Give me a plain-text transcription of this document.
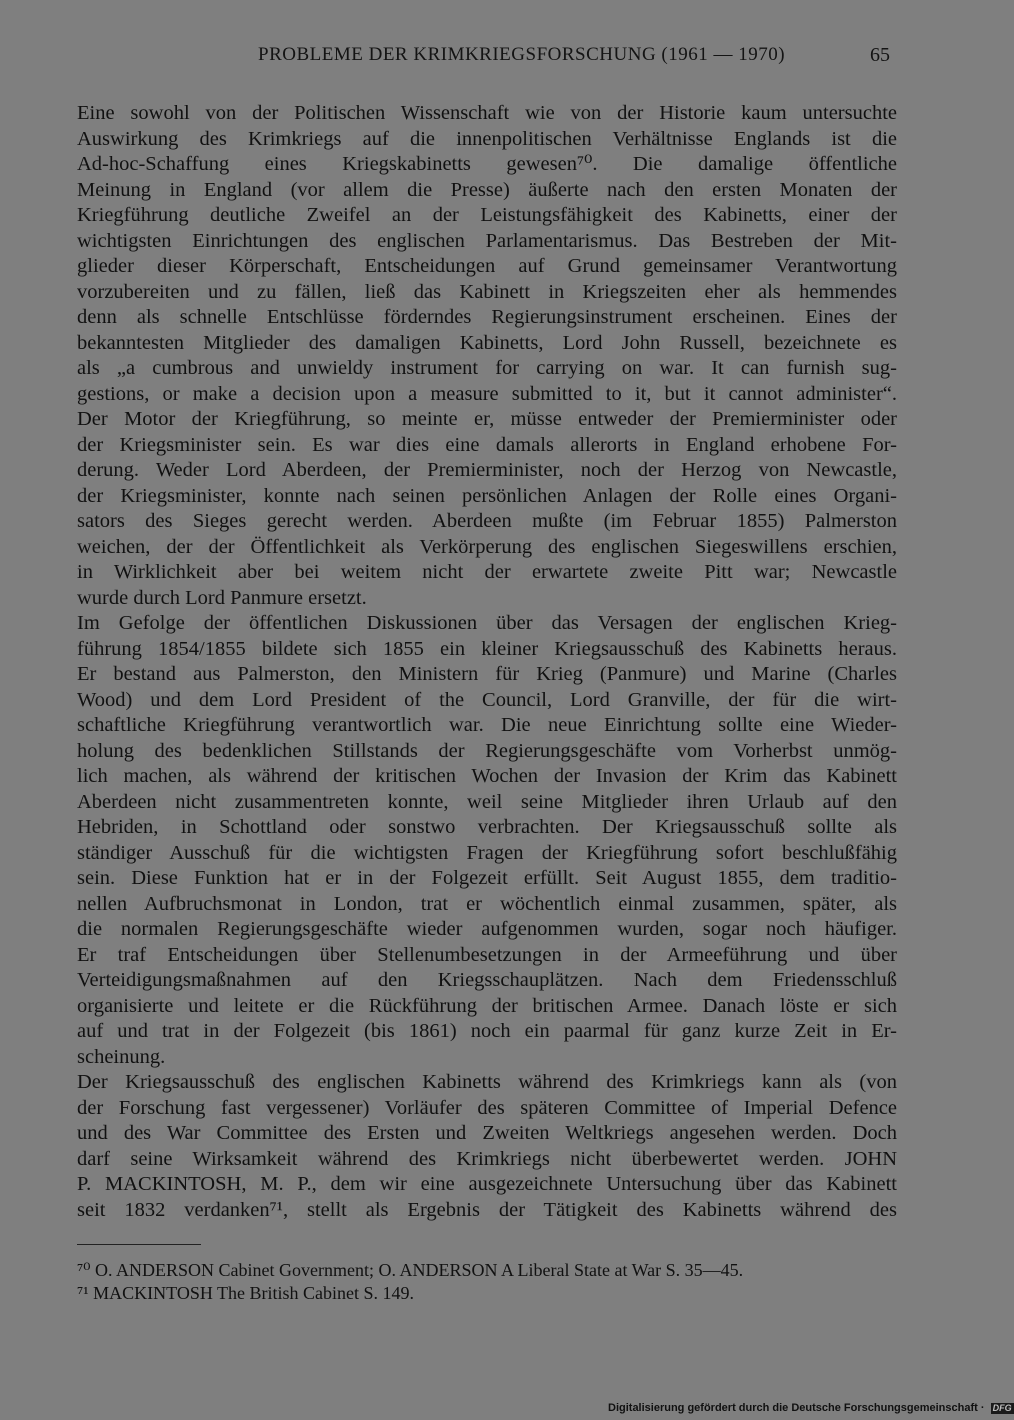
PROBLEME DER KRIMKRIEGSFORSCHUNG (1961 — 1970)	65
Eine sowohl von der Politischen Wissenschaft wie von der Historie kaum untersuchte
Auswirkung des Krimkriegs auf die innenpolitischen Verhältnisse Englands ist die
Ad-hoc-Schaffung eines Kriegskabinetts gewesen⁷⁰. Die damalige öffentliche
Meinung in England (vor allem die Presse) äußerte nach den ersten Monaten der
Kriegführung deutliche Zweifel an der Leistungsfähigkeit des Kabinetts, einer der
wichtigsten Einrichtungen des englischen Parlamentarismus. Das Bestreben der Mit-
glieder dieser Körperschaft, Entscheidungen auf Grund gemeinsamer Verantwortung
vorzubereiten und zu fällen, ließ das Kabinett in Kriegszeiten eher als hemmendes
denn als schnelle Entschlüsse förderndes Regierungsinstrument erscheinen. Eines der
bekanntesten Mitglieder des damaligen Kabinetts, Lord John Russell, bezeichnete es
als „a cumbrous and unwieldy instrument for carrying on war. It can furnish sug-
gestions, or make a decision upon a measure submitted to it, but it cannot administer“.
Der Motor der Kriegführung, so meinte er, müsse entweder der Premierminister oder
der Kriegsminister sein. Es war dies eine damals allerorts in England erhobene For-
derung. Weder Lord Aberdeen, der Premierminister, noch der Herzog von Newcastle,
der Kriegsminister, konnte nach seinen persönlichen Anlagen der Rolle eines Organi-
sators des Sieges gerecht werden. Aberdeen mußte (im Februar 1855) Palmerston
weichen, der der Öffentlichkeit als Verkörperung des englischen Siegeswillens erschien,
in Wirklichkeit aber bei weitem nicht der erwartete zweite Pitt war; Newcastle
wurde durch Lord Panmure ersetzt.
Im Gefolge der öffentlichen Diskussionen über das Versagen der englischen Krieg-
führung 1854/1855 bildete sich 1855 ein kleiner Kriegsausschuß des Kabinetts heraus.
Er bestand aus Palmerston, den Ministern für Krieg (Panmure) und Marine (Charles
Wood) und dem Lord President of the Council, Lord Granville, der für die wirt-
schaftliche Kriegführung verantwortlich war. Die neue Einrichtung sollte eine Wieder-
holung des bedenklichen Stillstands der Regierungsgeschäfte vom Vorherbst unmög-
lich machen, als während der kritischen Wochen der Invasion der Krim das Kabinett
Aberdeen nicht zusammentreten konnte, weil seine Mitglieder ihren Urlaub auf den
Hebriden, in Schottland oder sonstwo verbrachten. Der Kriegsausschuß sollte als
ständiger Ausschuß für die wichtigsten Fragen der Kriegführung sofort beschlußfähig
sein. Diese Funktion hat er in der Folgezeit erfüllt. Seit August 1855, dem traditio-
nellen Aufbruchsmonat in London, trat er wöchentlich einmal zusammen, später, als
die normalen Regierungsgeschäfte wieder aufgenommen wurden, sogar noch häufiger.
Er traf Entscheidungen über Stellenumbesetzungen in der Armeeführung und über
Verteidigungsmaßnahmen auf den Kriegsschauplätzen. Nach dem Friedensschluß
organisierte und leitete er die Rückführung der britischen Armee. Danach löste er sich
auf und trat in der Folgezeit (bis 1861) noch ein paarmal für ganz kurze Zeit in Er-
scheinung.
Der Kriegsausschuß des englischen Kabinetts während des Krimkriegs kann als (von
der Forschung fast vergessener) Vorläufer des späteren Committee of Imperial Defence
und des War Committee des Ersten und Zweiten Weltkriegs angesehen werden. Doch
darf seine Wirksamkeit während des Krimkriegs nicht überbewertet werden. JOHN
P. MACKINTOSH, M. P., dem wir eine ausgezeichnete Untersuchung über das Kabinett
seit 1832 verdanken⁷¹, stellt als Ergebnis der Tätigkeit des Kabinetts während des
⁷⁰ O. ANDERSON Cabinet Government; O. ANDERSON A Liberal State at War S. 35—45.
⁷¹ MACKINTOSH The British Cabinet S. 149.
Digitalisierung gefördert durch die Deutsche Forschungsgemeinschaft · DFG
